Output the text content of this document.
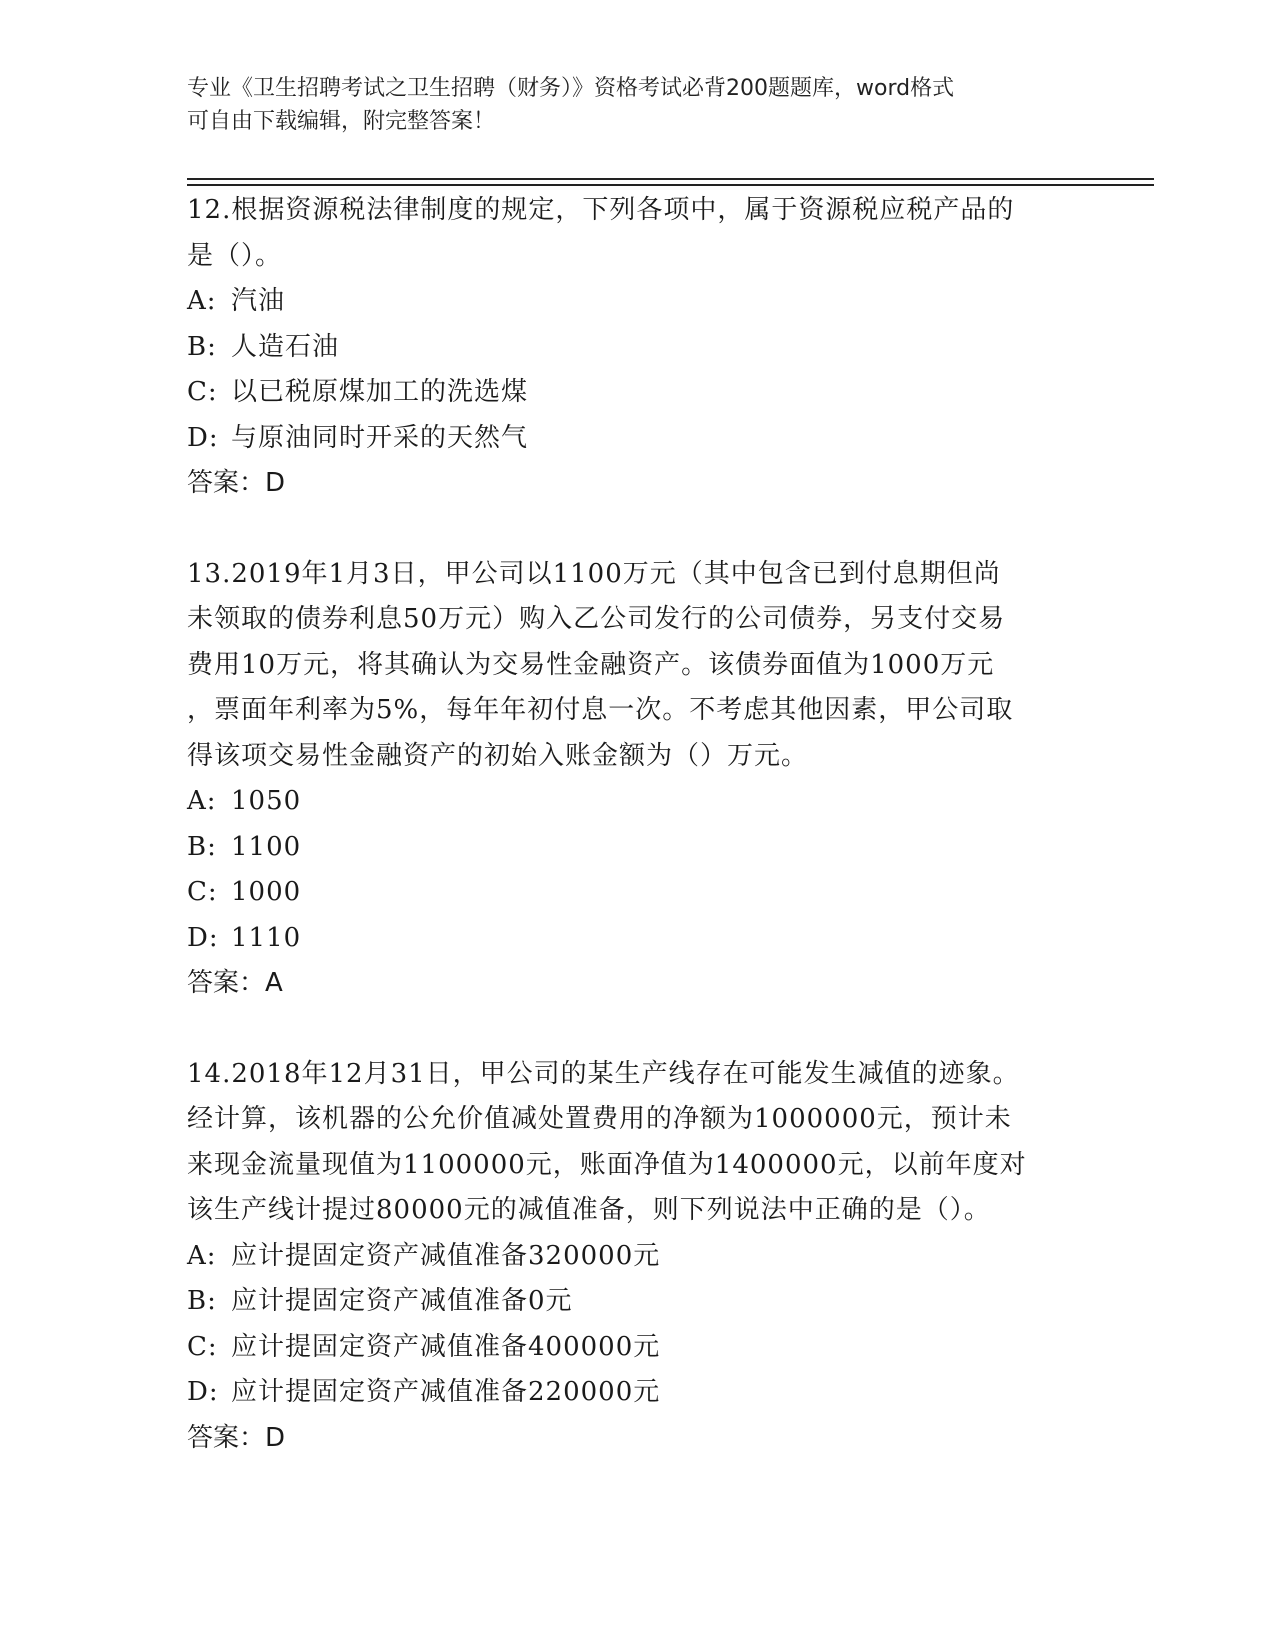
专业《卫生招聘考试之卫生招聘（财务）》资格考试必背200题题库，word格式
可自由下载编辑，附完整答案！
12.根据资源税法律制度的规定，下列各项中，属于资源税应税产品的
是（）。
A: 汽油
B: 人造石油
C: 以已税原煤加工的洗选煤
D: 与原油同时开采的天然气
答案：D
13.2019年1月3日，甲公司以1100万元（其中包含已到付息期但尚
未领取的债券利息50万元）购入乙公司发行的公司债券，另支付交易
费用10万元，将其确认为交易性金融资产。该债券面值为1000万元
，票面年利率为5%，每年年初付息一次。不考虑其他因素，甲公司取
得该项交易性金融资产的初始入账金额为（）万元。
A: 1050
B: 1100
C: 1000
D: 1110
答案：A
14.2018年12月31日，甲公司的某生产线存在可能发生减值的迹象。
经计算，该机器的公允价值减处置费用的净额为1000000元，预计未
来现金流量现值为1100000元，账面净值为1400000元，以前年度对
该生产线计提过80000元的减值准备，则下列说法中正确的是（）。
A: 应计提固定资产减值准备320000元
B: 应计提固定资产减值准备0元
C: 应计提固定资产减值准备400000元
D: 应计提固定资产减值准备220000元
答案：D
